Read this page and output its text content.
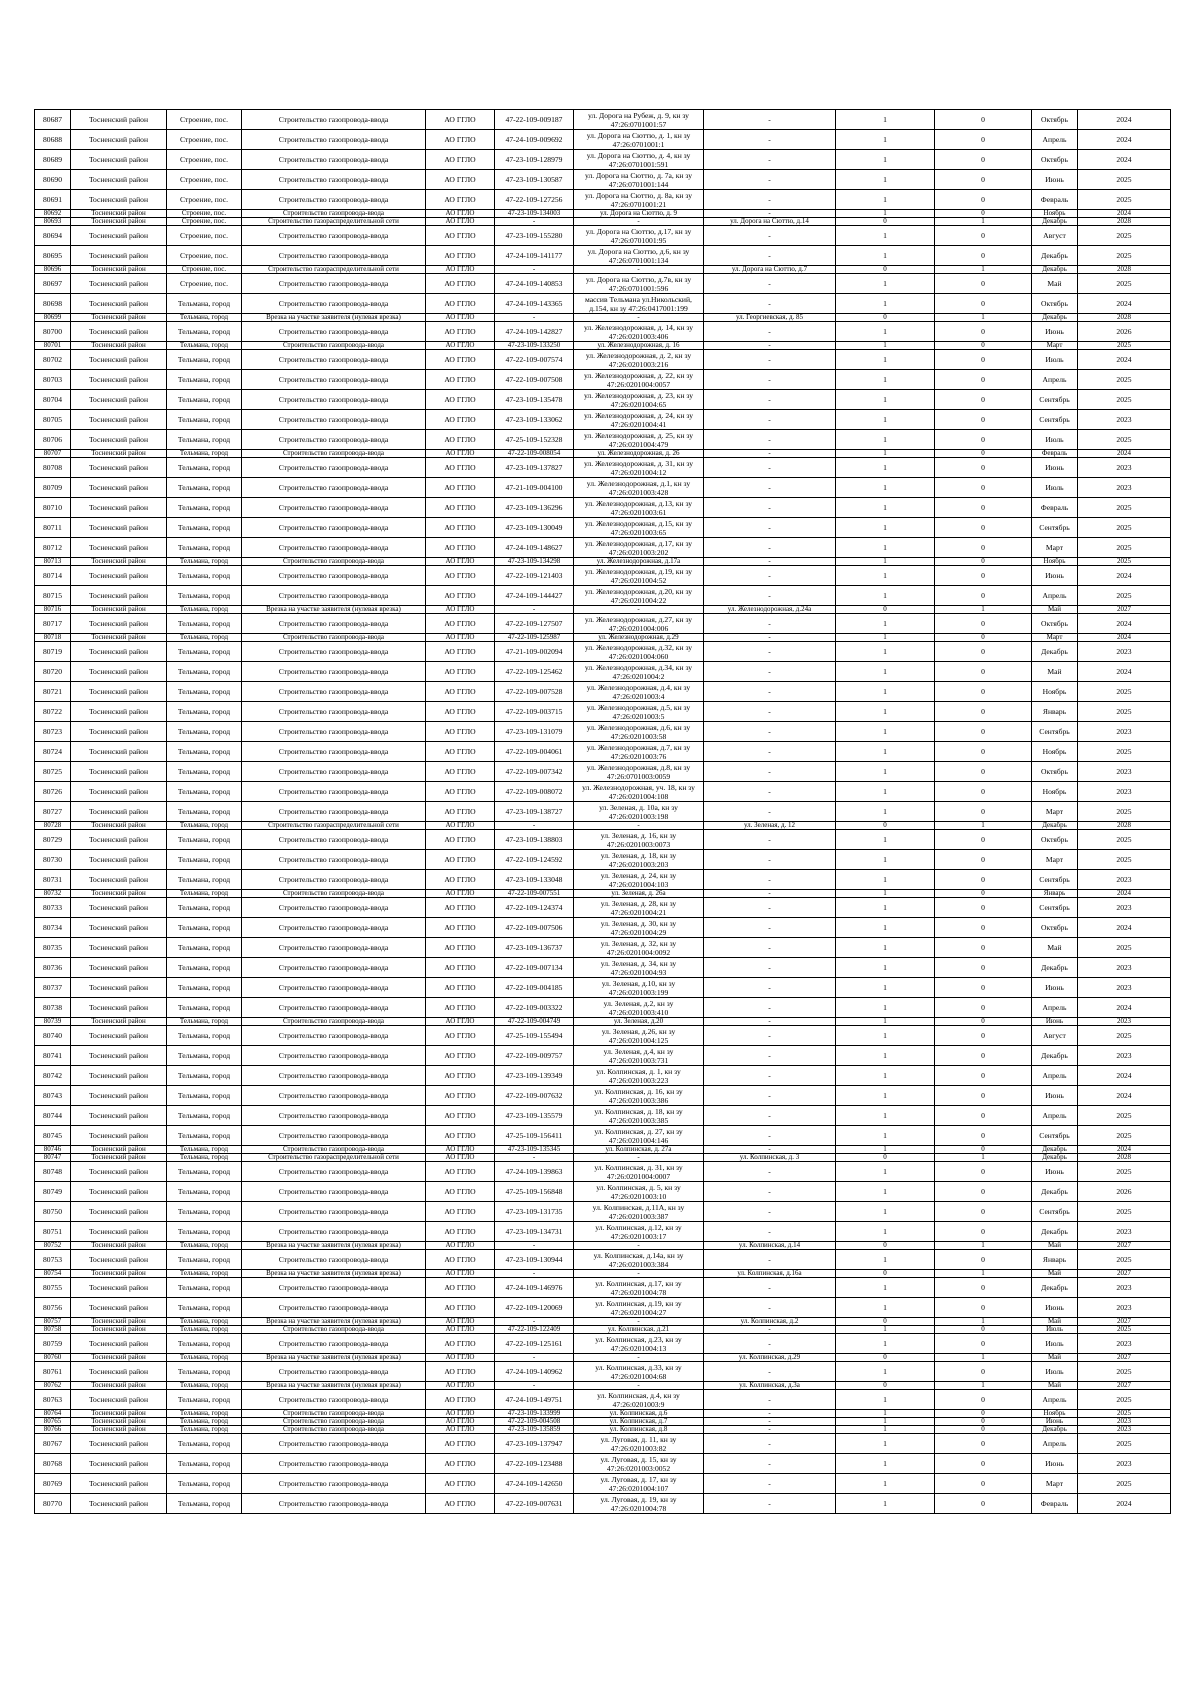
80687	Тосненский район	Строение, пос.	Строительство газопровода-ввода	АО ГГЛО	47-22-109-009187	ул. Дорога на Рубеж, д. 9, кн зу 47:26:0701001:57	-	1	0	Октябрь	2024
80688	Тосненский район	Строение, пос.	Строительство газопровода-ввода	АО ГГЛО	47-24-109-009692	ул. Дорога на Сюттю, д. 1, кн зу 47:26:0701001:1	-	1	0	Апрель	2024
80689	Тосненский район	Строение, пос.	Строительство газопровода-ввода	АО ГГЛО	47-23-109-128979	ул. Дорога на Сюттю, д. 4, кн зу 47:26:0701001:591	-	1	0	Октябрь	2024
80690	Тосненский район	Строение, пос.	Строительство газопровода-ввода	АО ГГЛО	47-23-109-130587	ул. Дорога на Сюттю, д. 7а, кн зу 47:26:0701001:144	-	1	0	Июнь	2025
80691	Тосненский район	Строение, пос.	Строительство газопровода-ввода	АО ГГЛО	47-22-109-127256	ул. Дорога на Сюттю, д. 8а, кн зу 47:26:0701001:21	-	1	0	Февраль	2025
80692	Тосненский район	Строение, пос.	Строительство газопровода-ввода	АО ГГЛО	47-23-109-134003	ул. Дорога на Сюттю, д. 9	-	1	0	Ноябрь	2024
80693	Тосненский район	Строение, пос.	Строительство газораспределительной сети	АО ГГЛО	-	-	ул. Дорога на Сюттю, д.14	0	1	Декабрь	2028
80694	Тосненский район	Строение, пос.	Строительство газопровода-ввода	АО ГГЛО	47-23-109-155280	ул. Дорога на Сюттю, д.17, кн зу 47:26:0701001:95	-	1	0	Август	2025
80695	Тосненский район	Строение, пос.	Строительство газопровода-ввода	АО ГГЛО	47-24-109-141177	ул. Дорога на Сюттю, д.6, кн зу 47:26:0701001:134	-	1	0	Декабрь	2025
80696	Тосненский район	Строение, пос.	Строительство газораспределительной сети	АО ГГЛО	-	-	ул. Дорога на Сюттю, д.7	0	1	Декабрь	2028
80697	Тосненский район	Строение, пос.	Строительство газопровода-ввода	АО ГГЛО	47-24-109-140853	ул. Дорога на Сюттю, д.7в, кн зу 47:26:0701001:596	-	1	0	Май	2025
80698	Тосненский район	Тельмана, город	Строительство газопровода-ввода	АО ГГЛО	47-24-109-143365	массив Тельмана ул.Никольский, д.154, кн зу 47:26:0417001:199	-	1	0	Октябрь	2024
80699	Тосненский район	Тельмана, город	Врезка на участке заявителя (нулевая врезка)	АО ГГЛО	-	-	ул. Георгиевская, д. 85	0	1	Декабрь	2028
80700	Тосненский район	Тельмана, город	Строительство газопровода-ввода	АО ГГЛО	47-24-109-142827	ул. Железнодорожная, д. 14, кн зу 47:26:0201003:406	-	1	0	Июнь	2026
80701	Тосненский район	Тельмана, город	Строительство газопровода-ввода	АО ГГЛО	47-23-109-133250	ул. Железнодорожная, д. 16	-	1	0	Март	2025
80702	Тосненский район	Тельмана, город	Строительство газопровода-ввода	АО ГГЛО	47-22-109-007574	ул. Железнодорожная, д. 2, кн зу 47:26:0201003:216	-	1	0	Июль	2024
80703	Тосненский район	Тельмана, город	Строительство газопровода-ввода	АО ГГЛО	47-22-109-007508	ул. Железнодорожная, д. 22, кн зу 47:26:0201004:0057	-	1	0	Апрель	2025
80704	Тосненский район	Тельмана, город	Строительство газопровода-ввода	АО ГГЛО	47-23-109-135478	ул. Железнодорожная, д. 23, кн зу 47:26:0201004:65	-	1	0	Сентябрь	2025
80705	Тосненский район	Тельмана, город	Строительство газопровода-ввода	АО ГГЛО	47-23-109-133062	ул. Железнодорожная, д. 24, кн зу 47:26:0201004:41	-	1	0	Сентябрь	2023
80706	Тосненский район	Тельмана, город	Строительство газопровода-ввода	АО ГГЛО	47-25-109-152328	ул. Железнодорожная, д. 25, кн зу 47:26:0201004:479	-	1	0	Июль	2025
80707	Тосненский район	Тельмана, город	Строительство газопровода-ввода	АО ГГЛО	47-22-109-008054	ул. Железнодорожная, д. 26	-	1	0	Февраль	2024
80708	Тосненский район	Тельмана, город	Строительство газопровода-ввода	АО ГГЛО	47-23-109-137827	ул. Железнодорожная, д. 31, кн зу 47:26:0201004:12	-	1	0	Июнь	2023
80709	Тосненский район	Тельмана, город	Строительство газопровода-ввода	АО ГГЛО	47-21-109-004100	ул. Железнодорожная, д.1, кн зу 47:26:0201003:428	-	1	0	Июль	2023
80710	Тосненский район	Тельмана, город	Строительство газопровода-ввода	АО ГГЛО	47-23-109-136296	ул. Железнодорожная, д.13, кн зу 47:26:0201003:61	-	1	0	Февраль	2025
80711	Тосненский район	Тельмана, город	Строительство газопровода-ввода	АО ГГЛО	47-23-109-130049	ул. Железнодорожная, д.15, кн зу 47:26:0201003:65	-	1	0	Сентябрь	2025
80712	Тосненский район	Тельмана, город	Строительство газопровода-ввода	АО ГГЛО	47-24-109-148627	ул. Железнодорожная, д.17, кн зу 47:26:0201003:202	-	1	0	Март	2025
80713	Тосненский район	Тельмана, город	Строительство газопровода-ввода	АО ГГЛО	47-23-109-134298	ул. Железнодорожная, д.17а	-	1	0	Ноябрь	2025
80714	Тосненский район	Тельмана, город	Строительство газопровода-ввода	АО ГГЛО	47-22-109-121403	ул. Железнодорожная, д.19, кн зу 47:26:0201004:52	-	1	0	Июнь	2024
80715	Тосненский район	Тельмана, город	Строительство газопровода-ввода	АО ГГЛО	47-24-109-144427	ул. Железнодорожная, д.20, кн зу 47:26:0201004:22	-	1	0	Апрель	2025
80716	Тосненский район	Тельмана, город	Врезка на участке заявителя (нулевая врезка)	АО ГГЛО	-	-	ул. Железнодорожная, д.24а	0	1	Май	2027
80717	Тосненский район	Тельмана, город	Строительство газопровода-ввода	АО ГГЛО	47-22-109-127507	ул. Железнодорожная, д.27, кн зу 47:26:0201004:006	-	1	0	Октябрь	2024
80718	Тосненский район	Тельмана, город	Строительство газопровода-ввода	АО ГГЛО	47-22-109-125987	ул. Железнодорожная, д.29	-	1	0	Март	2024
80719	Тосненский район	Тельмана, город	Строительство газопровода-ввода	АО ГГЛО	47-21-109-002094	ул. Железнодорожная, д.32, кн зу 47:26:0201004:060	-	1	0	Декабрь	2023
80720	Тосненский район	Тельмана, город	Строительство газопровода-ввода	АО ГГЛО	47-22-109-125462	ул. Железнодорожная, д.34, кн зу 47:26:0201004:2	-	1	0	Май	2024
80721	Тосненский район	Тельмана, город	Строительство газопровода-ввода	АО ГГЛО	47-22-109-007528	ул. Железнодорожная, д.4, кн зу 47:26:0201003:4	-	1	0	Ноябрь	2025
80722	Тосненский район	Тельмана, город	Строительство газопровода-ввода	АО ГГЛО	47-22-109-003715	ул. Железнодорожная, д.5, кн зу 47:26:0201003:5	-	1	0	Январь	2025
80723	Тосненский район	Тельмана, город	Строительство газопровода-ввода	АО ГГЛО	47-23-109-131079	ул. Железнодорожная, д.6, кн зу 47:26:0201003:58	-	1	0	Сентябрь	2023
80724	Тосненский район	Тельмана, город	Строительство газопровода-ввода	АО ГГЛО	47-22-109-004061	ул. Железнодорожная, д.7, кн зу 47:26:0201003:76	-	1	0	Ноябрь	2025
80725	Тосненский район	Тельмана, город	Строительство газопровода-ввода	АО ГГЛО	47-22-109-007342	ул. Железнодорожная, д.8, кн зу 47:26:0701003:0059	-	1	0	Октябрь	2023
80726	Тосненский район	Тельмана, город	Строительство газопровода-ввода	АО ГГЛО	47-22-109-008072	ул. Железнодорожная, уч. 18, кн зу 47:26:0201004:108	-	1	0	Ноябрь	2023
80727	Тосненский район	Тельмана, город	Строительство газопровода-ввода	АО ГГЛО	47-23-109-138727	ул. Зеленая, д. 10а, кн зу 47:26:0201003:198	-	1	0	Март	2025
80728	Тосненский район	Тельмана, город	Строительство газораспределительной сети	АО ГГЛО	-	-	ул. Зеленая, д. 12	0	1	Декабрь	2028
80729	Тосненский район	Тельмана, город	Строительство газопровода-ввода	АО ГГЛО	47-23-109-138803	ул. Зеленая, д. 16, кн зу 47:26:0201003:0073	-	1	0	Октябрь	2025
80730	Тосненский район	Тельмана, город	Строительство газопровода-ввода	АО ГГЛО	47-22-109-124592	ул. Зеленая, д. 18, кн зу 47:26:0201003:203	-	1	0	Март	2025
80731	Тосненский район	Тельмана, город	Строительство газопровода-ввода	АО ГГЛО	47-23-109-133048	ул. Зеленая, д. 24, кн зу 47:26:0201004:103	-	1	0	Сентябрь	2023
80732	Тосненский район	Тельмана, город	Строительство газопровода-ввода	АО ГГЛО	47-22-109-007551	ул. Зеленая, д. 26а	-	1	0	Январь	2024
80733	Тосненский район	Тельмана, город	Строительство газопровода-ввода	АО ГГЛО	47-22-109-124374	ул. Зеленая, д. 28, кн зу 47:26:0201004:21	-	1	0	Сентябрь	2023
80734	Тосненский район	Тельмана, город	Строительство газопровода-ввода	АО ГГЛО	47-22-109-007506	ул. Зеленая, д. 30, кн зу 47:26:0201004:29	-	1	0	Октябрь	2024
80735	Тосненский район	Тельмана, город	Строительство газопровода-ввода	АО ГГЛО	47-23-109-136737	ул. Зеленая, д. 32, кн зу 47:26:0201004:0092	-	1	0	Май	2025
80736	Тосненский район	Тельмана, город	Строительство газопровода-ввода	АО ГГЛО	47-22-109-007134	ул. Зеленая, д. 34, кн зу 47:26:0201004:93	-	1	0	Декабрь	2023
80737	Тосненский район	Тельмана, город	Строительство газопровода-ввода	АО ГГЛО	47-22-109-004185	ул. Зеленая, д.10, кн зу 47:26:0201003:199	-	1	0	Июнь	2023
80738	Тосненский район	Тельмана, город	Строительство газопровода-ввода	АО ГГЛО	47-22-109-003322	ул. Зеленая, д.2, кн зу 47:26:0201003:410	-	1	0	Апрель	2024
80739	Тосненский район	Тельмана, город	Строительство газопровода-ввода	АО ГГЛО	47-22-109-004749	ул. Зеленая, д.20	-	1	0	Июнь	2023
80740	Тосненский район	Тельмана, город	Строительство газопровода-ввода	АО ГГЛО	47-25-109-155494	ул. Зеленая, д.26, кн зу 47:26:0201004:125	-	1	0	Август	2025
80741	Тосненский район	Тельмана, город	Строительство газопровода-ввода	АО ГГЛО	47-22-109-009757	ул. Зеленая, д.4, кн зу 47:26:0201003:731	-	1	0	Декабрь	2023
80742	Тосненский район	Тельмана, город	Строительство газопровода-ввода	АО ГГЛО	47-23-109-139349	ул. Колпинская, д. 1, кн зу 47:26:0201003:223	-	1	0	Апрель	2024
80743	Тосненский район	Тельмана, город	Строительство газопровода-ввода	АО ГГЛО	47-22-109-007632	ул. Колпинская, д. 16, кн зу 47:26:0201003:386	-	1	0	Июнь	2024
80744	Тосненский район	Тельмана, город	Строительство газопровода-ввода	АО ГГЛО	47-23-109-135579	ул. Колпинская, д. 18, кн зу 47:26:0201003:385	-	1	0	Апрель	2025
80745	Тосненский район	Тельмана, город	Строительство газопровода-ввода	АО ГГЛО	47-25-109-156411	ул. Колпинская, д. 27, кн зу 47:26:0201004:146	-	1	0	Сентябрь	2025
80746	Тосненский район	Тельмана, город	Строительство газопровода-ввода	АО ГГЛО	47-23-109-135345	ул. Колпинская, д. 27а	-	1	0	Декабрь	2024
80747	Тосненский район	Тельмана, город	Строительство газораспределительной сети	АО ГГЛО	-	-	ул. Колпинская, д. 3	0	1	Декабрь	2028
80748	Тосненский район	Тельмана, город	Строительство газопровода-ввода	АО ГГЛО	47-24-109-139863	ул. Колпинская, д. 31, кн зу 47:26:0201004:0007	-	1	0	Июнь	2025
80749	Тосненский район	Тельмана, город	Строительство газопровода-ввода	АО ГГЛО	47-25-109-156848	ул. Колпинская, д. 5, кн зу 47:26:0201003:10	-	1	0	Декабрь	2026
80750	Тосненский район	Тельмана, город	Строительство газопровода-ввода	АО ГГЛО	47-23-109-131735	ул. Колпинская, д.11А, кн зу 47:26:0201003:387	-	1	0	Сентябрь	2025
80751	Тосненский район	Тельмана, город	Строительство газопровода-ввода	АО ГГЛО	47-23-109-134731	ул. Колпинская, д.12, кн зу 47:26:0201003:17	-	1	0	Декабрь	2023
80752	Тосненский район	Тельмана, город	Врезка на участке заявителя (нулевая врезка)	АО ГГЛО	-	-	ул. Колпинская, д.14	0	1	Май	2027
80753	Тосненский район	Тельмана, город	Строительство газопровода-ввода	АО ГГЛО	47-23-109-130944	ул. Колпинская, д.14а, кн зу 47:26:0201003:384	-	1	0	Январь	2025
80754	Тосненский район	Тельмана, город	Врезка на участке заявителя (нулевая врезка)	АО ГГЛО	-	-	ул. Колпинская, д.16а	0	1	Май	2027
80755	Тосненский район	Тельмана, город	Строительство газопровода-ввода	АО ГГЛО	47-24-109-146976	ул. Колпинская, д.17, кн зу 47:26:0201004:78	-	1	0	Декабрь	2023
80756	Тосненский район	Тельмана, город	Строительство газопровода-ввода	АО ГГЛО	47-22-109-120069	ул. Колпинская, д.19, кн зу 47:26:0201004:27	-	1	0	Июнь	2023
80757	Тосненский район	Тельмана, город	Врезка на участке заявителя (нулевая врезка)	АО ГГЛО	-	-	ул. Колпинская, д.2	0	1	Май	2027
80758	Тосненский район	Тельмана, город	Строительство газопровода-ввода	АО ГГЛО	47-22-109-122409	ул. Колпинская, д.21	-	1	0	Июль	2025
80759	Тосненский район	Тельмана, город	Строительство газопровода-ввода	АО ГГЛО	47-22-109-125161	ул. Колпинская, д.23, кн зу 47:26:0201004:13	-	1	0	Июль	2023
80760	Тосненский район	Тельмана, город	Врезка на участке заявителя (нулевая врезка)	АО ГГЛО	-	-	ул. Колпинская, д.29	0	1	Май	2027
80761	Тосненский район	Тельмана, город	Строительство газопровода-ввода	АО ГГЛО	47-24-109-140962	ул. Колпинская, д.33, кн зу 47:26:0201004:68	-	1	0	Июль	2025
80762	Тосненский район	Тельмана, город	Врезка на участке заявителя (нулевая врезка)	АО ГГЛО	-	-	ул. Колпинская, д.3а	0	1	Май	2027
80763	Тосненский район	Тельмана, город	Строительство газопровода-ввода	АО ГГЛО	47-24-109-149751	ул. Колпинская, д.4, кн зу 47:26:0201003:9	-	1	0	Апрель	2025
80764	Тосненский район	Тельмана, город	Строительство газопровода-ввода	АО ГГЛО	47-23-109-133999	ул. Колпинская, д.6	-	1	0	Ноябрь	2025
80765	Тосненский район	Тельмана, город	Строительство газопровода-ввода	АО ГГЛО	47-22-109-004508	ул. Колпинская, д.7	-	1	0	Июнь	2023
80766	Тосненский район	Тельмана, город	Строительство газопровода-ввода	АО ГГЛО	47-23-109-135859	ул. Колпинская, д.8	-	1	0	Декабрь	2023
80767	Тосненский район	Тельмана, город	Строительство газопровода-ввода	АО ГГЛО	47-23-109-137947	ул. Луговая, д. 11, кн зу 47:26:0201003:82	-	1	0	Апрель	2025
80768	Тосненский район	Тельмана, город	Строительство газопровода-ввода	АО ГГЛО	47-22-109-123488	ул. Луговая, д. 15, кн зу 47:26:0201003:0052	-	1	0	Июнь	2023
80769	Тосненский район	Тельмана, город	Строительство газопровода-ввода	АО ГГЛО	47-24-109-142650	ул. Луговая, д. 17, кн зу 47:26:0201004:107	-	1	0	Март	2025
80770	Тосненский район	Тельмана, город	Строительство газопровода-ввода	АО ГГЛО	47-22-109-007631	ул. Луговая, д. 19, кн зу 47:26:0201004:78	-	1	0	Февраль	2024
